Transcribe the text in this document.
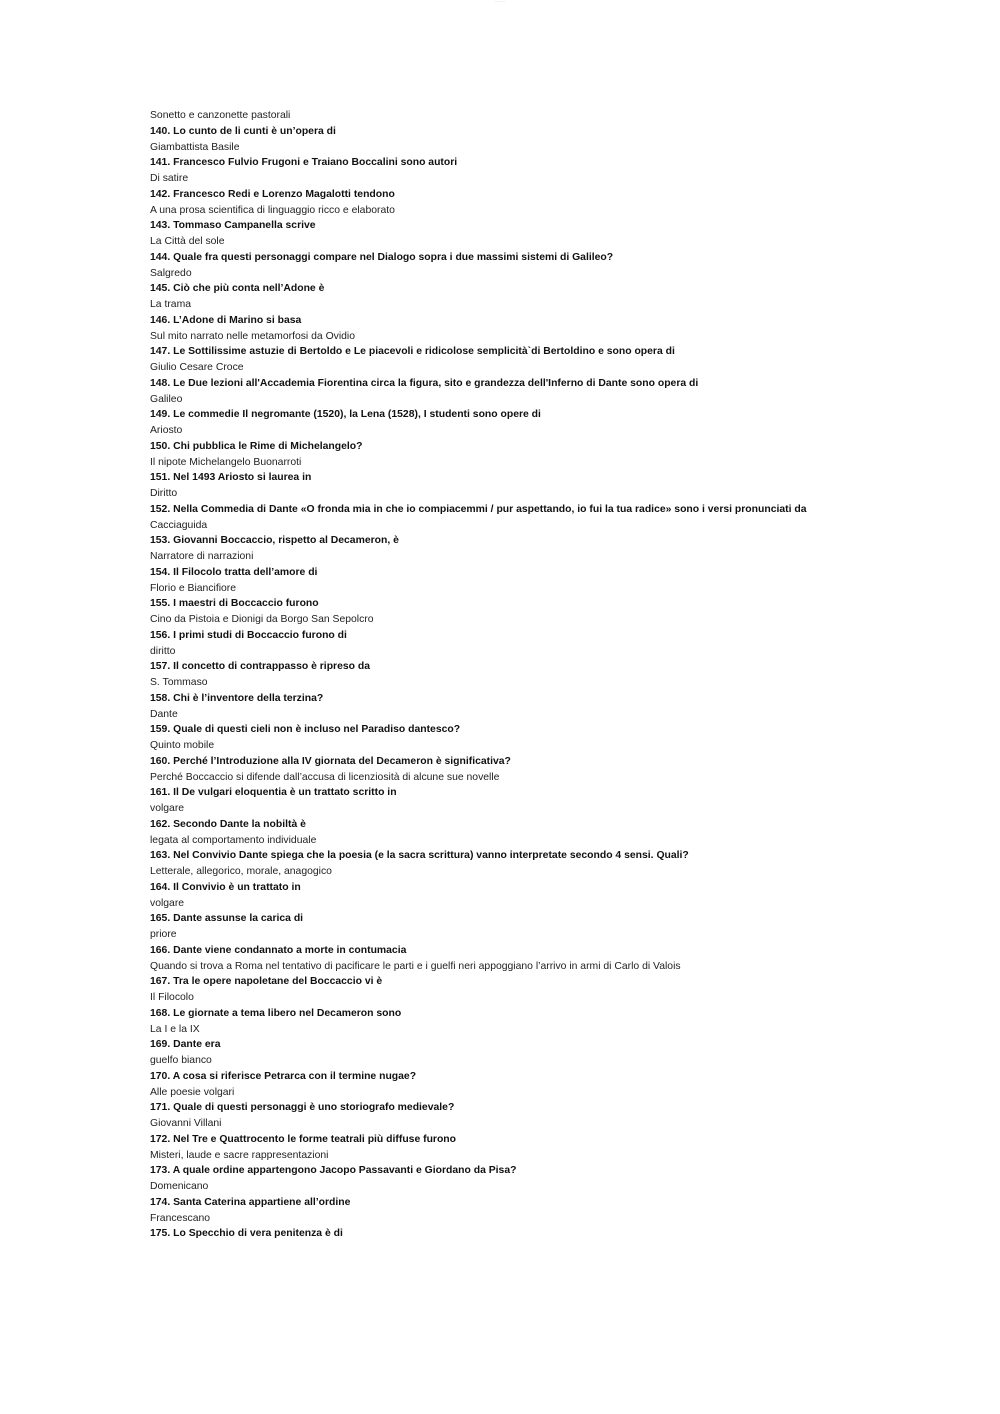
— — —
Sonetto e canzonette pastorali
140. Lo cunto de li cunti è un’opera di
Giambattista Basile
141. Francesco Fulvio Frugoni e Traiano Boccalini sono autori
Di satire
142. Francesco Redi e Lorenzo Magalotti tendono
A una prosa scientifica di linguaggio ricco e elaborato
143. Tommaso Campanella scrive
La Città del sole
144. Quale fra questi personaggi compare nel Dialogo sopra i due massimi sistemi di Galileo?
Salgredo
145. Ciò che più conta nell’Adone è
La trama
146. L’Adone di Marino si basa
Sul mito narrato nelle metamorfosi da Ovidio
147. Le Sottilissime astuzie di Bertoldo e Le piacevoli e ridicolose semplicità`di Bertoldino e sono opera di
Giulio Cesare Croce
148. Le Due lezioni all'Accademia Fiorentina circa la figura, sito e grandezza dell'Inferno di Dante sono opera di
Galileo
149. Le commedie Il negromante (1520), la Lena (1528), I studenti sono opere di
Ariosto
150. Chi pubblica le Rime di Michelangelo?
Il nipote Michelangelo Buonarroti
151. Nel 1493 Ariosto si laurea in
Diritto
152. Nella Commedia di Dante «O fronda mia in che io compiacemmi / pur aspettando, io fui la tua radice» sono i versi pronunciati da
Cacciaguida
153. Giovanni Boccaccio, rispetto al Decameron, è
Narratore di narrazioni
154. Il Filocolo tratta dell’amore di
Florio e Biancifiore
155. I maestri di Boccaccio furono
Cino da Pistoia e Dionigi da Borgo San Sepolcro
156. I primi studi di Boccaccio furono di
diritto
157. Il concetto di contrappasso è ripreso da
S. Tommaso
158. Chi è l’inventore della terzina?
Dante
159. Quale di questi cieli non è incluso nel Paradiso dantesco?
Quinto mobile
160. Perché l’Introduzione alla IV giornata del Decameron è significativa?
Perché Boccaccio si difende dall’accusa di licenziosità di alcune sue novelle
161. Il De vulgari eloquentia è un trattato scritto in
volgare
162. Secondo Dante la nobiltà è
legata al comportamento individuale
163. Nel Convivio Dante spiega che la poesia (e la sacra scrittura) vanno interpretate secondo 4 sensi. Quali?
Letterale, allegorico, morale, anagogico
164. Il Convivio è un trattato in
volgare
165. Dante assunse la carica di
priore
166. Dante viene condannato a morte in contumacia
Quando si trova a Roma nel tentativo di pacificare le parti e i guelfi neri appoggiano l’arrivo in armi di Carlo di Valois
167. Tra le opere napoletane del Boccaccio vi è
Il Filocolo
168. Le giornate a tema libero nel Decameron sono
La I e la IX
169. Dante era
guelfo bianco
170. A cosa si riferisce Petrarca con il termine nugae?
Alle poesie volgari
171. Quale di questi personaggi è uno storiografo medievale?
Giovanni Villani
172. Nel Tre e Quattrocento le forme teatrali più diffuse furono
Misteri, laude e sacre rappresentazioni
173. A quale ordine appartengono Jacopo Passavanti e Giordano da Pisa?
Domenicano
174. Santa Caterina appartiene all’ordine
Francescano
175. Lo Specchio di vera penitenza è di
